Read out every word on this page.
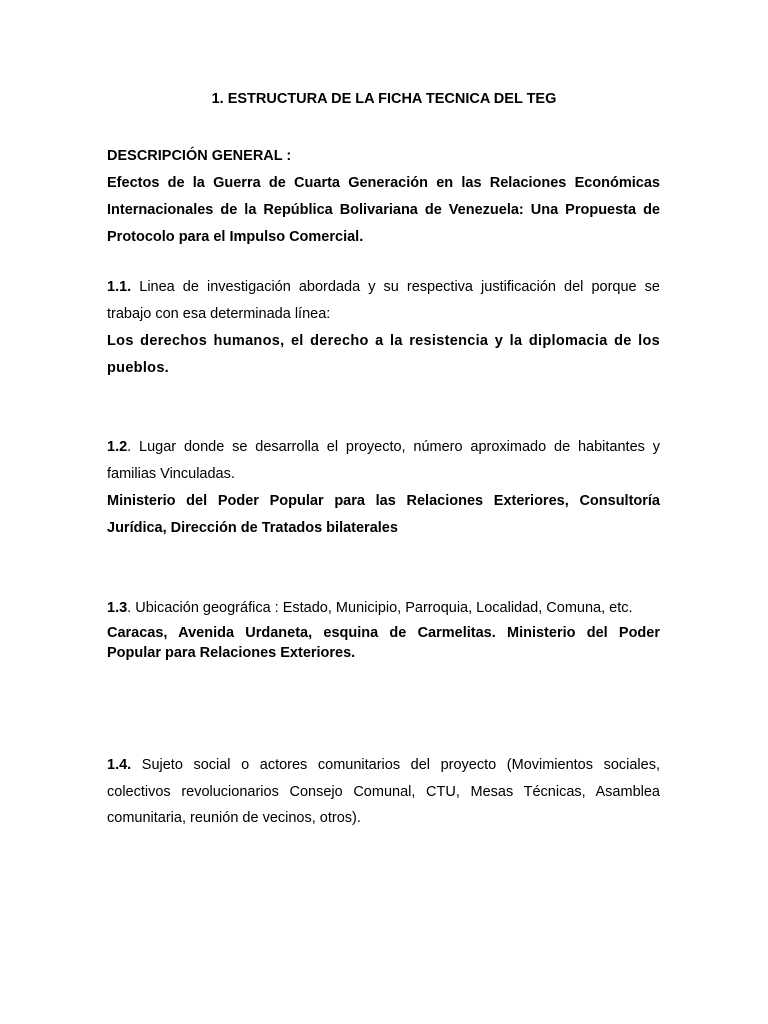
1. ESTRUCTURA DE LA FICHA TECNICA DEL TEG
DESCRIPCIÓN GENERAL :
Efectos de la Guerra de Cuarta Generación en las Relaciones Económicas Internacionales de la República Bolivariana de Venezuela: Una Propuesta de Protocolo para el Impulso Comercial.
1.1. Linea de investigación abordada y su respectiva justificación del porque se trabajo con esa determinada línea:
Los derechos humanos, el derecho a la resistencia y la diplomacia de los pueblos.
1.2. Lugar donde se desarrolla el proyecto, número aproximado de habitantes y familias Vinculadas.
Ministerio del Poder Popular para las Relaciones Exteriores, Consultoría Jurídica, Dirección de Tratados bilaterales
1.3. Ubicación geográfica : Estado, Municipio, Parroquia, Localidad, Comuna, etc.
Caracas, Avenida Urdaneta, esquina de Carmelitas. Ministerio del Poder Popular para Relaciones Exteriores.
1.4. Sujeto social o actores comunitarios del proyecto (Movimientos sociales, colectivos revolucionarios Consejo Comunal, CTU, Mesas Técnicas, Asamblea comunitaria, reunión de vecinos, otros).
